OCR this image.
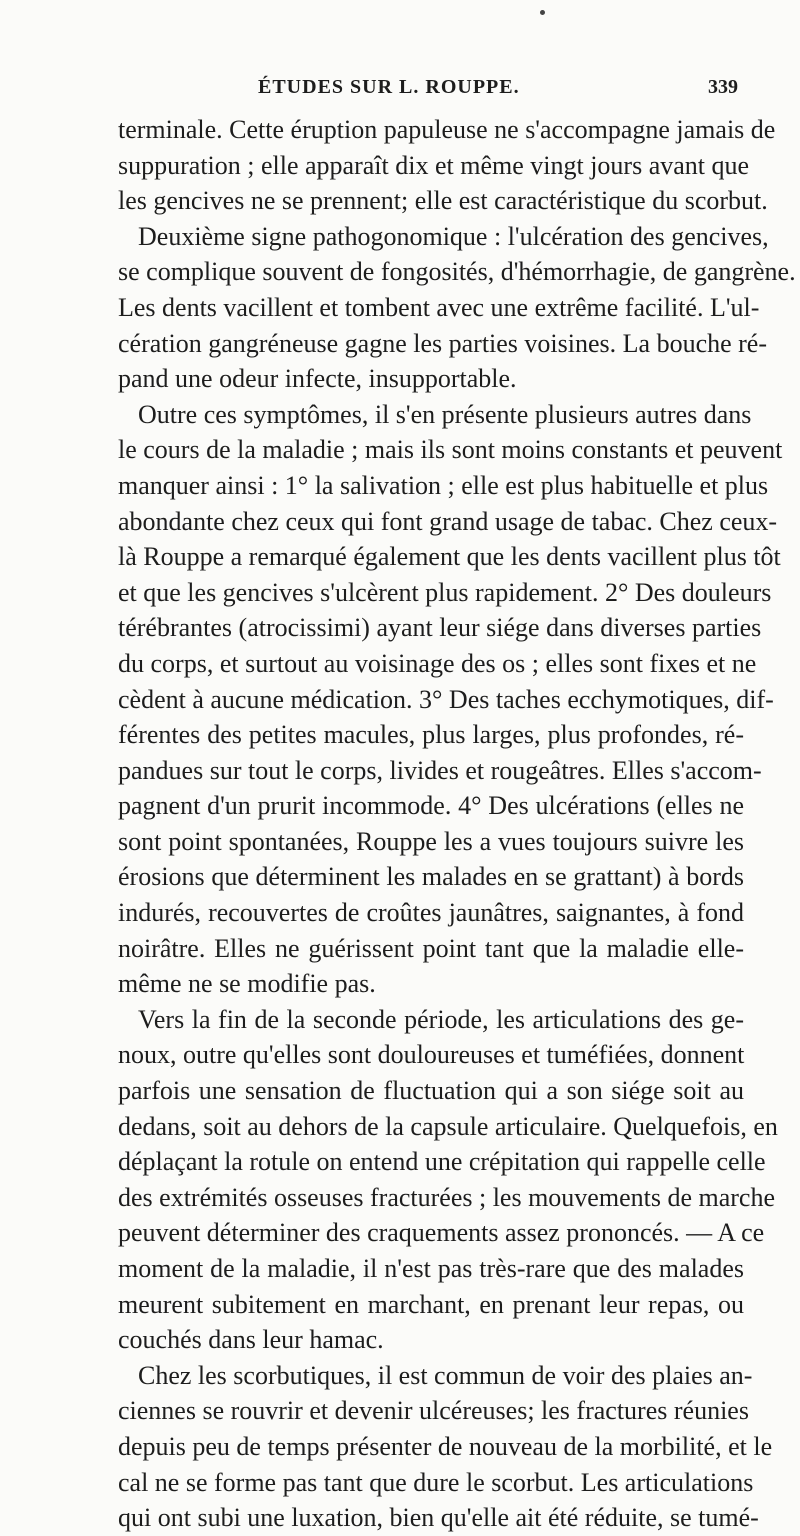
ÉTUDES SUR L. ROUPPE.	339
terminale. Cette éruption papuleuse ne s'accompagne jamais de
suppuration ; elle apparaît dix et même vingt jours avant que
les gencives ne se prennent; elle est caractéristique du scorbut.
Deuxième signe pathogonomique : l'ulcération des gencives,
se complique souvent de fongosités, d'hémorrhagie, de gangrène.
Les dents vacillent et tombent avec une extrême facilité. L'ul-
cération gangréneuse gagne les parties voisines. La bouche ré-
pand une odeur infecte, insupportable.
Outre ces symptômes, il s'en présente plusieurs autres dans
le cours de la maladie ; mais ils sont moins constants et peuvent
manquer ainsi : 1° la salivation ; elle est plus habituelle et plus
abondante chez ceux qui font grand usage de tabac. Chez ceux-
là Rouppe a remarqué également que les dents vacillent plus tôt
et que les gencives s'ulcèrent plus rapidement. 2° Des douleurs
térébrantes (atrocissimi) ayant leur siége dans diverses parties
du corps, et surtout au voisinage des os ; elles sont fixes et ne
cèdent à aucune médication. 3° Des taches ecchymotiques, dif-
férentes des petites macules, plus larges, plus profondes, ré-
pandues sur tout le corps, livides et rougeâtres. Elles s'accom-
pagnent d'un prurit incommode. 4° Des ulcérations (elles ne
sont point spontanées, Rouppe les a vues toujours suivre les
érosions que déterminent les malades en se grattant) à bords
indurés, recouvertes de croûtes jaunâtres, saignantes, à fond
noirâtre. Elles ne guérissent point tant que la maladie elle-
même ne se modifie pas.
Vers la fin de la seconde période, les articulations des ge-
noux, outre qu'elles sont douloureuses et tuméfiées, donnent
parfois une sensation de fluctuation qui a son siége soit au
dedans, soit au dehors de la capsule articulaire. Quelquefois, en
déplaçant la rotule on entend une crépitation qui rappelle celle
des extrémités osseuses fracturées ; les mouvements de marche
peuvent déterminer des craquements assez prononcés. — A ce
moment de la maladie, il n'est pas très-rare que des malades
meurent subitement en marchant, en prenant leur repas, ou
couchés dans leur hamac.
Chez les scorbutiques, il est commun de voir des plaies an-
ciennes se rouvrir et devenir ulcéreuses; les fractures réunies
depuis peu de temps présenter de nouveau de la morbilité, et le
cal ne se forme pas tant que dure le scorbut. Les articulations
qui ont subi une luxation, bien qu'elle ait été réduite, se tumé-
